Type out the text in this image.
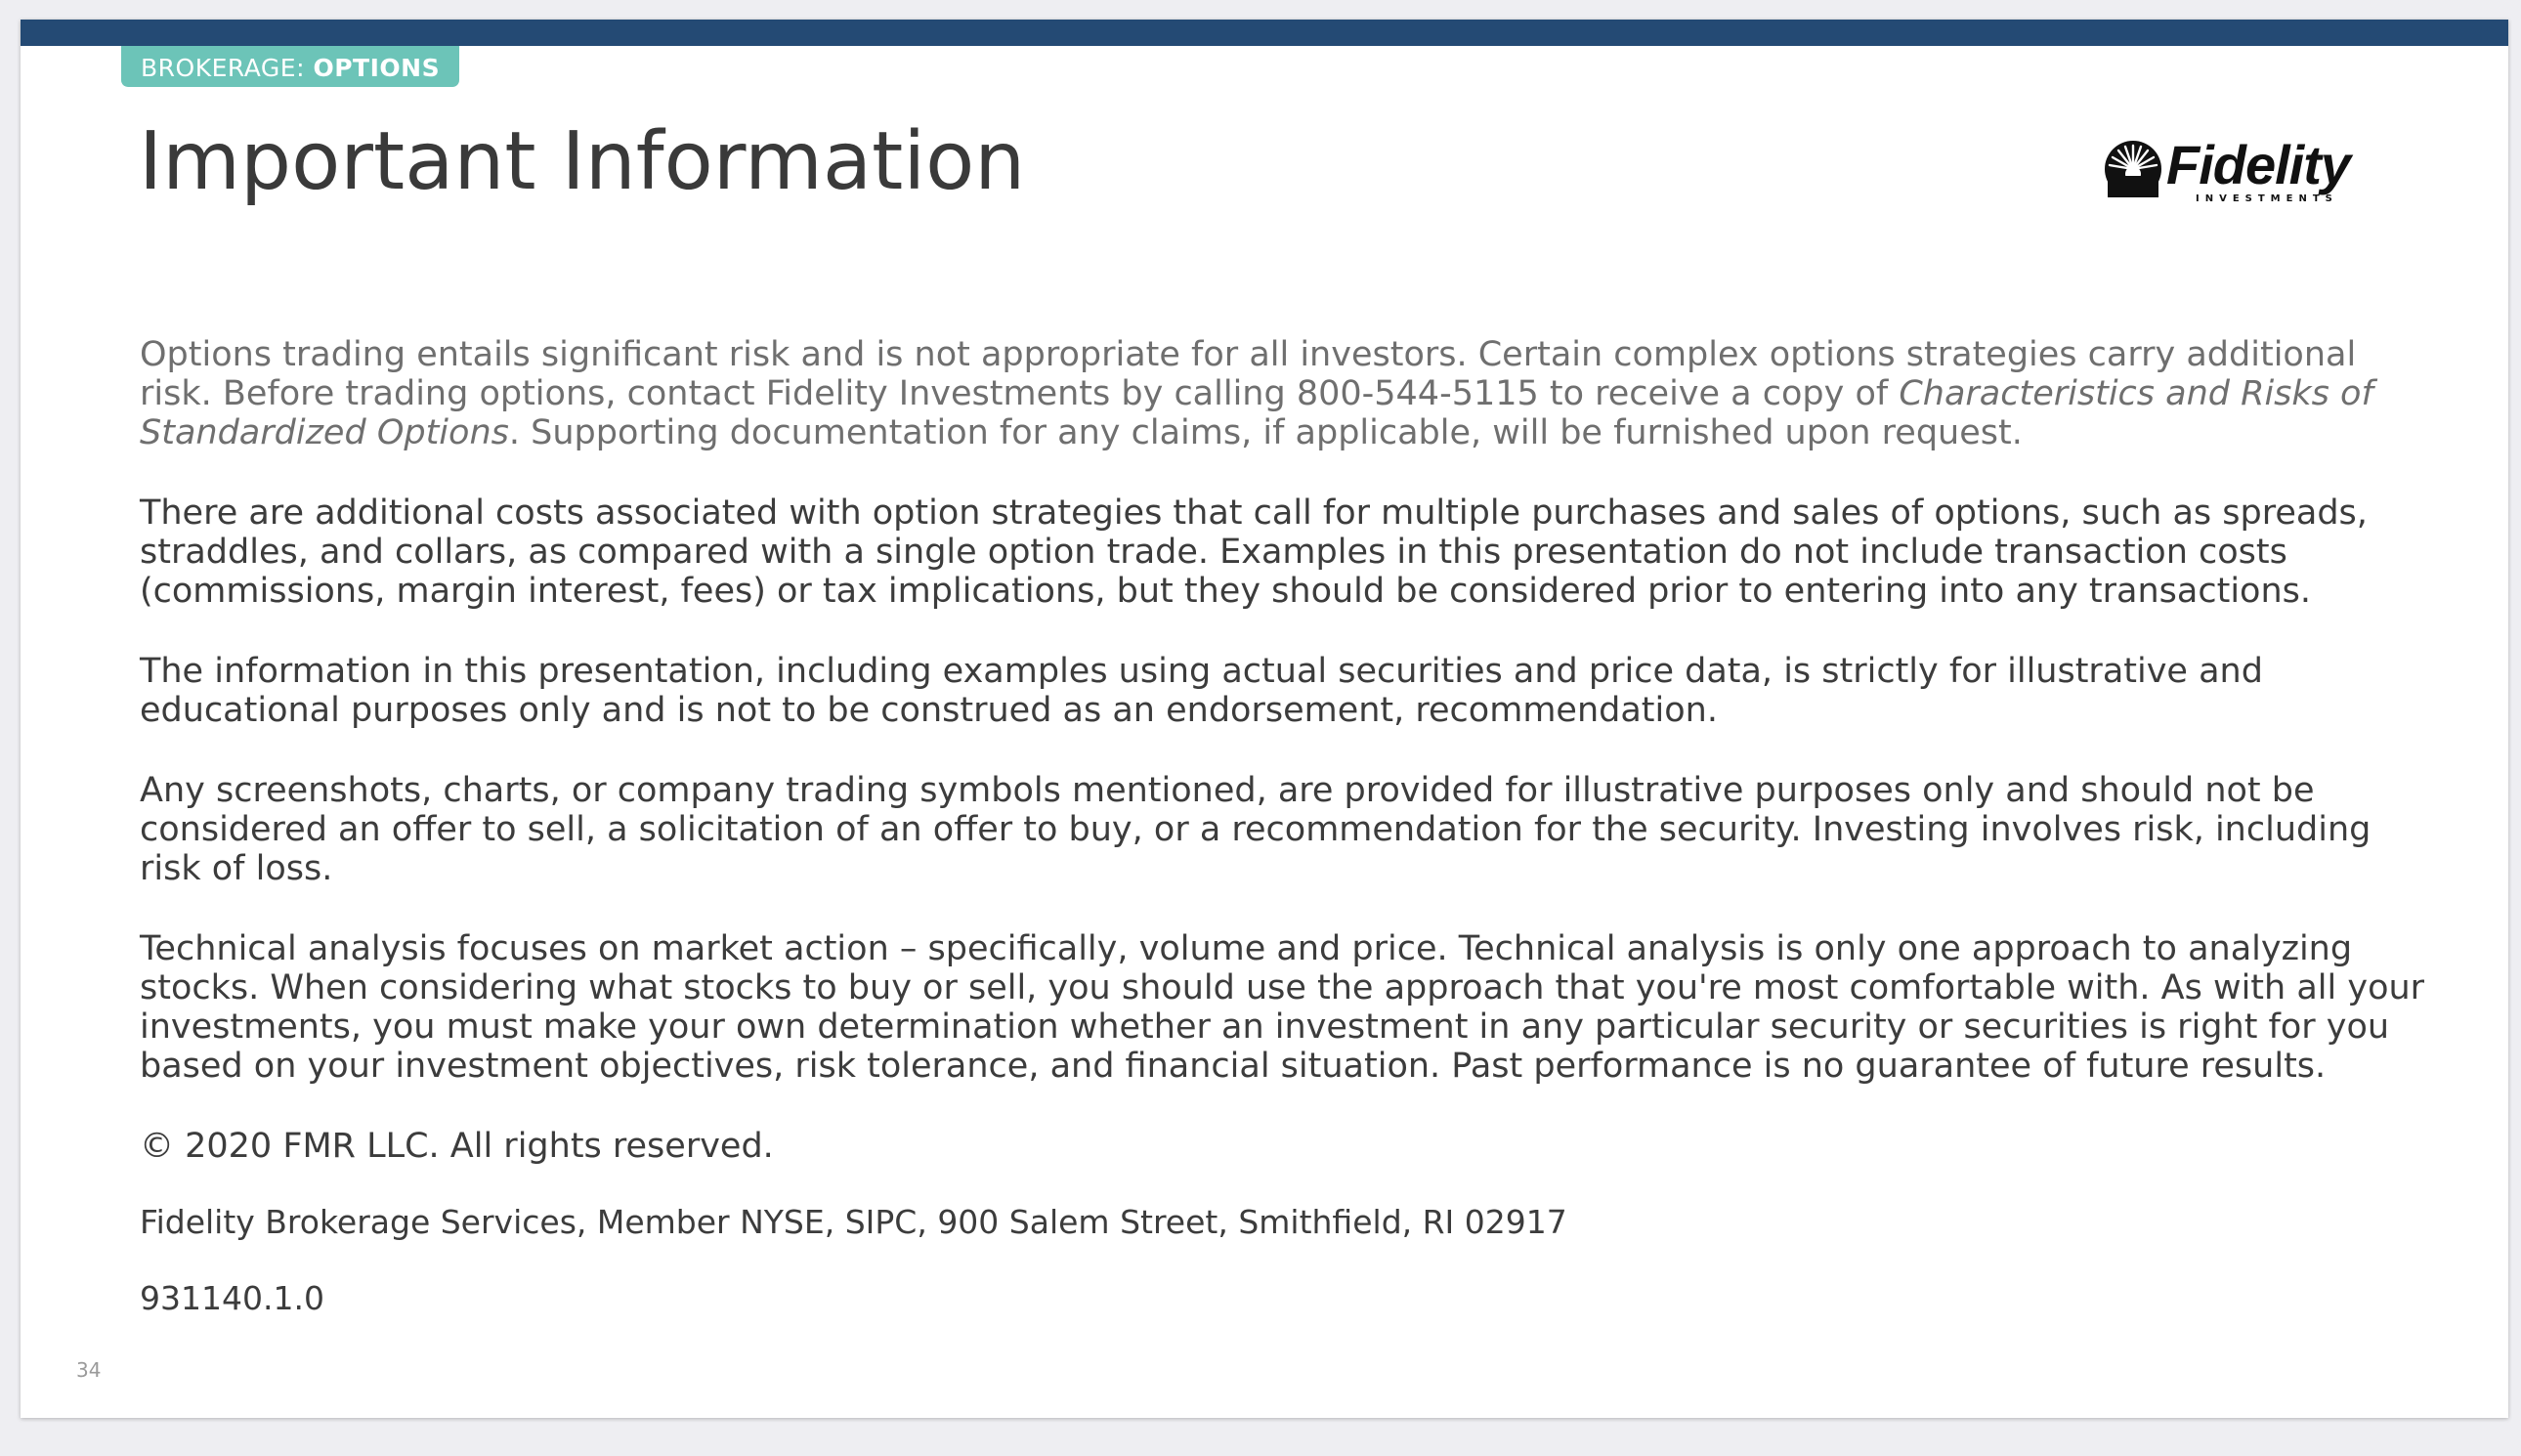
BROKERAGE: OPTIONS
Important Information	Fidelity
INVESTMENTS

Options trading entails significant risk and is not appropriate for all investors. Certain complex options strategies carry additional risk. Before trading options, contact Fidelity Investments by calling 800-544-5115 to receive a copy of Characteristics and Risks of Standardized Options. Supporting documentation for any claims, if applicable, will be furnished upon request.

There are additional costs associated with option strategies that call for multiple purchases and sales of options, such as spreads, straddles, and collars, as compared with a single option trade. Examples in this presentation do not include transaction costs (commissions, margin interest, fees) or tax implications, but they should be considered prior to entering into any transactions.

The information in this presentation, including examples using actual securities and price data, is strictly for illustrative and educational purposes only and is not to be construed as an endorsement, recommendation.

Any screenshots, charts, or company trading symbols mentioned, are provided for illustrative purposes only and should not be considered an offer to sell, a solicitation of an offer to buy, or a recommendation for the security. Investing involves risk, including risk of loss.

Technical analysis focuses on market action – specifically, volume and price. Technical analysis is only one approach to analyzing stocks. When considering what stocks to buy or sell, you should use the approach that you're most comfortable with. As with all your investments, you must make your own determination whether an investment in any particular security or securities is right for you based on your investment objectives, risk tolerance, and financial situation. Past performance is no guarantee of future results.

© 2020 FMR LLC. All rights reserved.

Fidelity Brokerage Services, Member NYSE, SIPC, 900 Salem Street, Smithfield, RI 02917

931140.1.0

34
